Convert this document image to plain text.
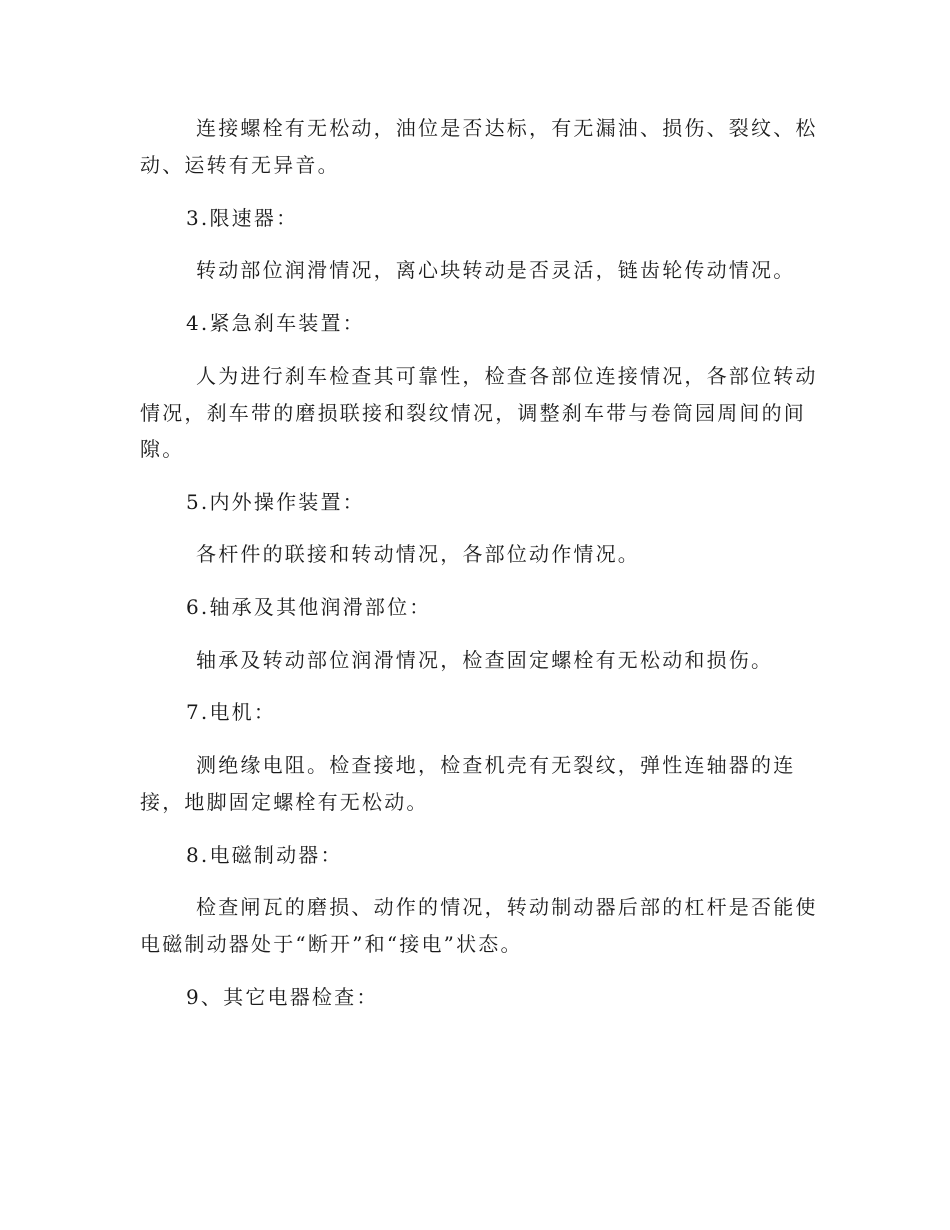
连接螺栓有无松动，油位是否达标，有无漏油、损伤、裂纹、松
动、运转有无异音。
3.限速器：
转动部位润滑情况，离心块转动是否灵活，链齿轮传动情况。
4.紧急刹车装置：
人为进行刹车检查其可靠性，检查各部位连接情况，各部位转动
情况，刹车带的磨损联接和裂纹情况，调整刹车带与卷筒园周间的间
隙。
5.内外操作装置：
各杆件的联接和转动情况，各部位动作情况。
6.轴承及其他润滑部位：
轴承及转动部位润滑情况，检查固定螺栓有无松动和损伤。
7.电机：
测绝缘电阻。检查接地，检查机壳有无裂纹，弹性连轴器的连
接，地脚固定螺栓有无松动。
8.电磁制动器：
检查闸瓦的磨损、动作的情况，转动制动器后部的杠杆是否能使
电磁制动器处于“断开”和“接电”状态。
9、其它电器检查：
